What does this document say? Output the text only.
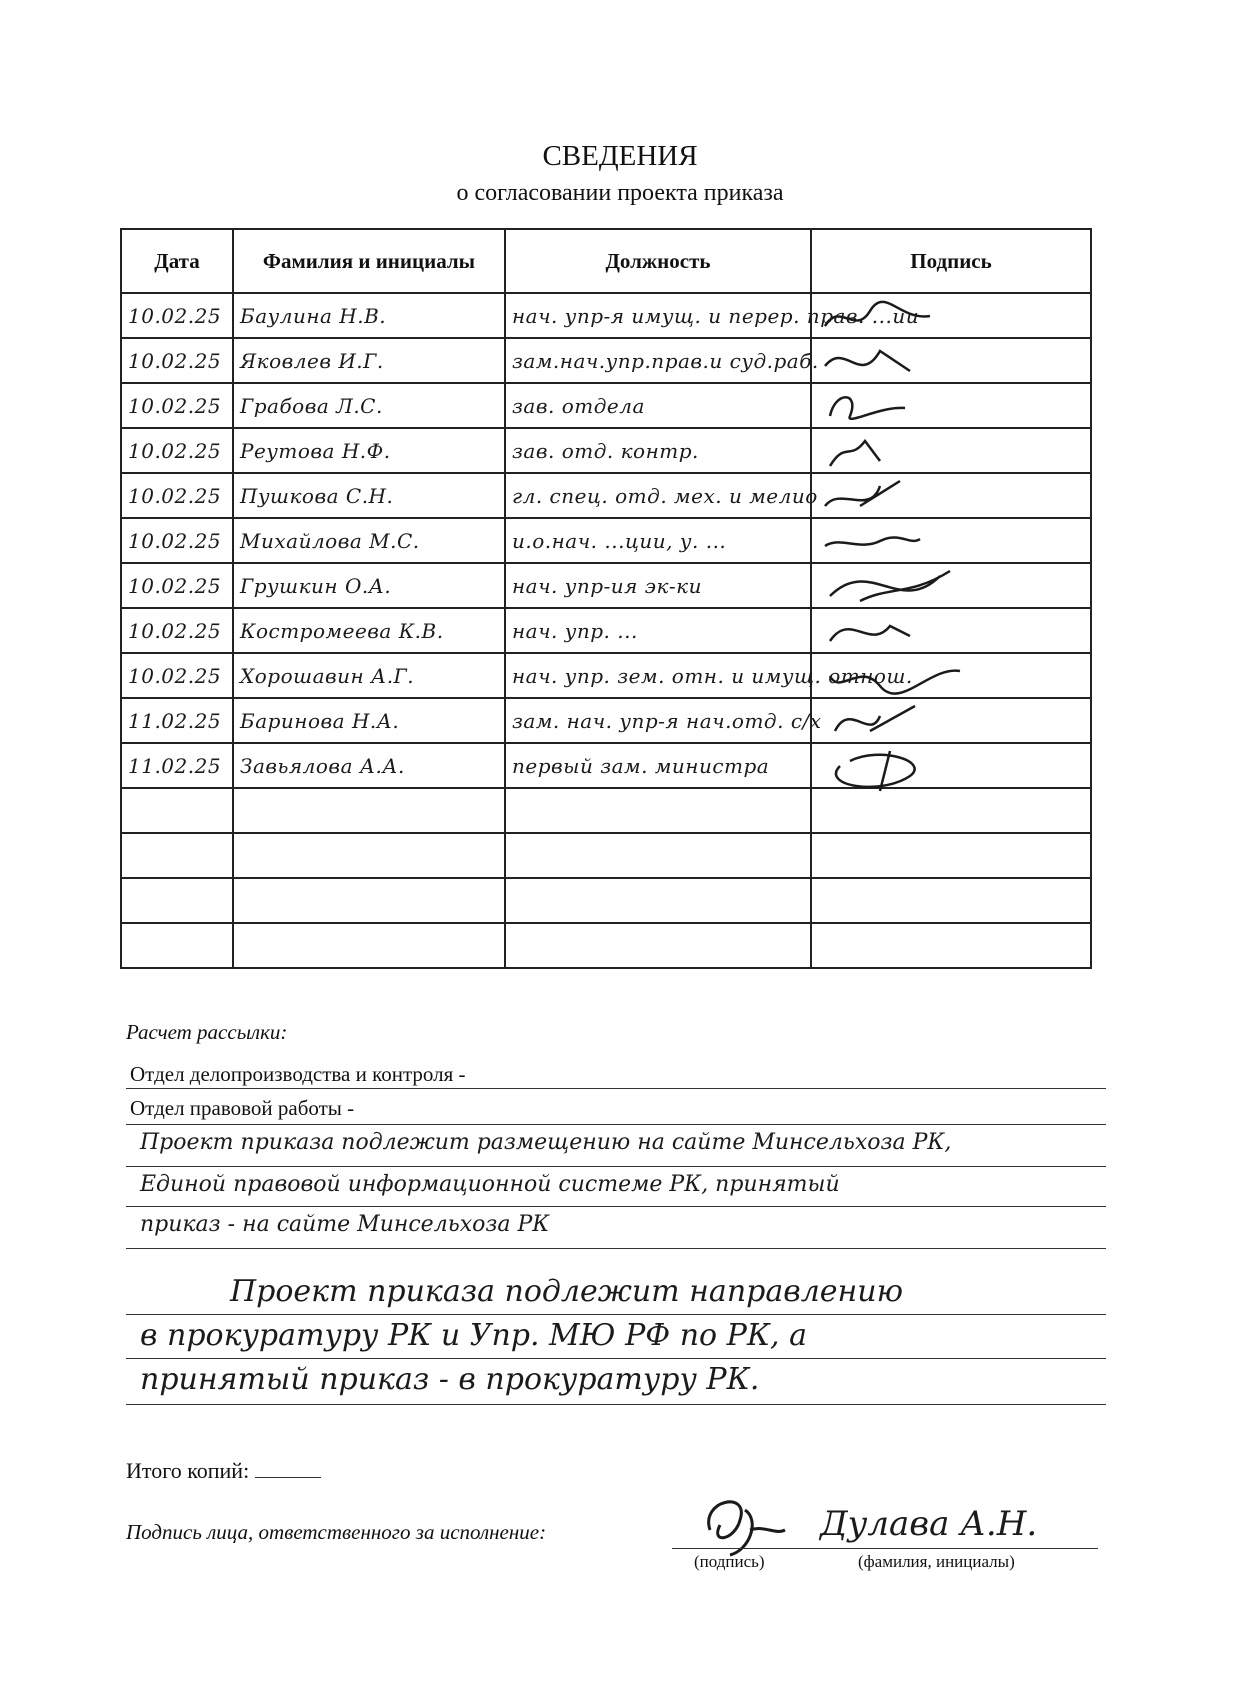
СВЕДЕНИЯ
о согласовании проекта приказа
Дата	Фамилия и инициалы	Должность	Подпись
10.02.25	Баулина Н.В.	нач. упр-я имущ. и перер. прав. ...ии	

10.02.25	Яковлев И.Г.	зам.нач.упр.прав.и суд.раб.	

10.02.25	Грабова Л.С.	зав. отдела	

10.02.25	Реутова Н.Ф.	зав. отд. контр.	

10.02.25	Пушкова С.Н.	гл. спец. отд. мех. и мелио	

10.02.25	Михайлова М.С.	и.о.нач. ...ции, у. ...	

10.02.25	Грушкин О.А.	нач. упр-ия эк-ки	

10.02.25	Костромеева К.В.	нач. упр. ...	

10.02.25	Хорошавин А.Г.	нач. упр. зем. отн. и имущ. отнош.	

11.02.25	Баринова Н.А.	зам. нач. упр-я нач.отд. с/х	

11.02.25	Завьялова А.А.	первый зам. министра	

Расчет рассылки:
Отдел делопроизводства и контроля -
Отдел правовой работы -
Проект приказа подлежит размещению на сайте Минсельхоза РК,
Единой правовой информационной системе РК, принятый
приказ - на сайте Минсельхоза РК
Проект приказа подлежит направлению
в прокуратуру РК и Упр. МЮ РФ по РК, а
принятый приказ - в прокуратуру РК.
Итого копий:
Подпись лица, ответственного за исполнение:	Дулава А.Н.
(подпись)	(фамилия, инициалы)
